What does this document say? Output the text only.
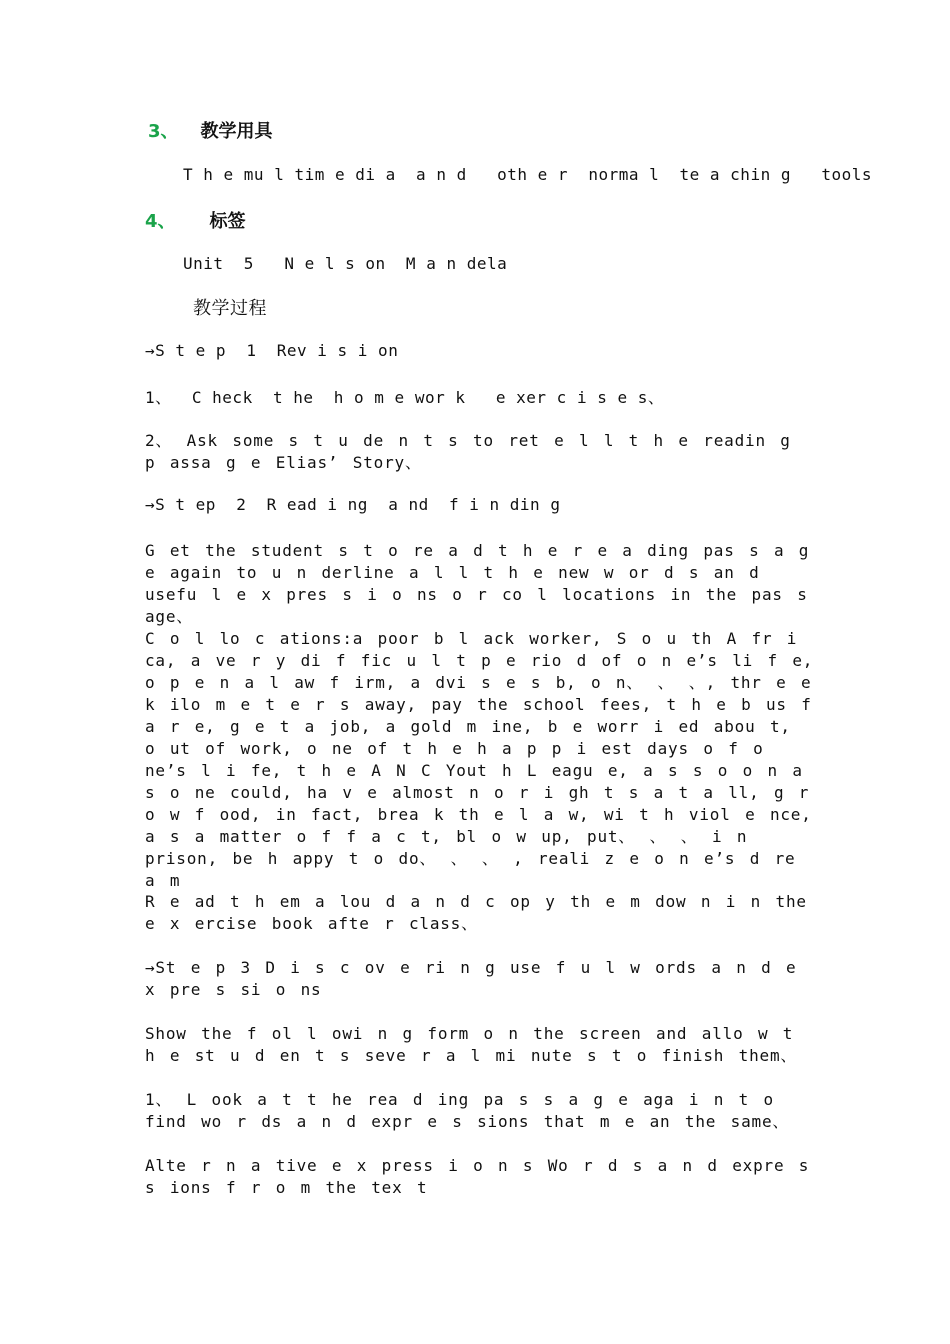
3、 教学用具
T h e mu l tim e di a  a n d   oth e r  norma l  te a chin g   tools
4、 标签
Unit  5   N e l s on  M a n dela
教学过程
→S t e p  1  Rev i s i on
1、  C heck  t he  h o m e wor k   e xer c i s e s、
2、 Ask some s t u de n t s to ret e l l t h e readin g p assa g e Elias’ Story、
→S t ep  2  R ead i ng  a nd  f i n din g
G et the student s t o re a d t h e r e a ding pas s a g e again to u n derline a l l t h e new w or d s an d usefu l e x pres s i o ns o r co l locations in the pas s age、
C o l lo c ations:a poor b l ack worker, S o u th A fr i ca, a ve r y di f fic u l t p e rio d of o n e’s li f e, o p e n a l aw f irm, a dvi s e s b, o n、 、 、, thr e e k ilo m e t e r s away, pay the school fees, t h e b us f a r e, g e t a job, a gold m ine, b e worr i ed abou t, o ut of work, o ne of t h e h a p p i est days o f o ne’s l i fe, t h e A N C Yout h L eagu e, a s s o o n a s o ne could, ha v e almost n o r i gh t s a t a ll, g r o w f ood, in fact, brea k th e l a w, wi t h viol e nce, a s a matter o f f a c t, bl o w up, put、 、 、 i n prison, be h appy t o do、 、 、 , reali z e o n e’s d re a m
R e ad t h em a lou d a n d c op y th e m dow n i n the e x ercise book afte r class、
→St e p 3 D i s c ov e ri n g use f u l w ords a n d e x pre s si o ns
Show the f ol l owi n g form o n the screen and allo w t h e st u d en t s seve r a l mi nute s t o finish them、
1、 L ook a t t he rea d ing pa s s a g e aga i n t o find wo r ds a n d expr e s sions that m e an the same、
Alte r n a tive e x press i o n s Wo r d s a n d expre s s ions f r o m the tex t
